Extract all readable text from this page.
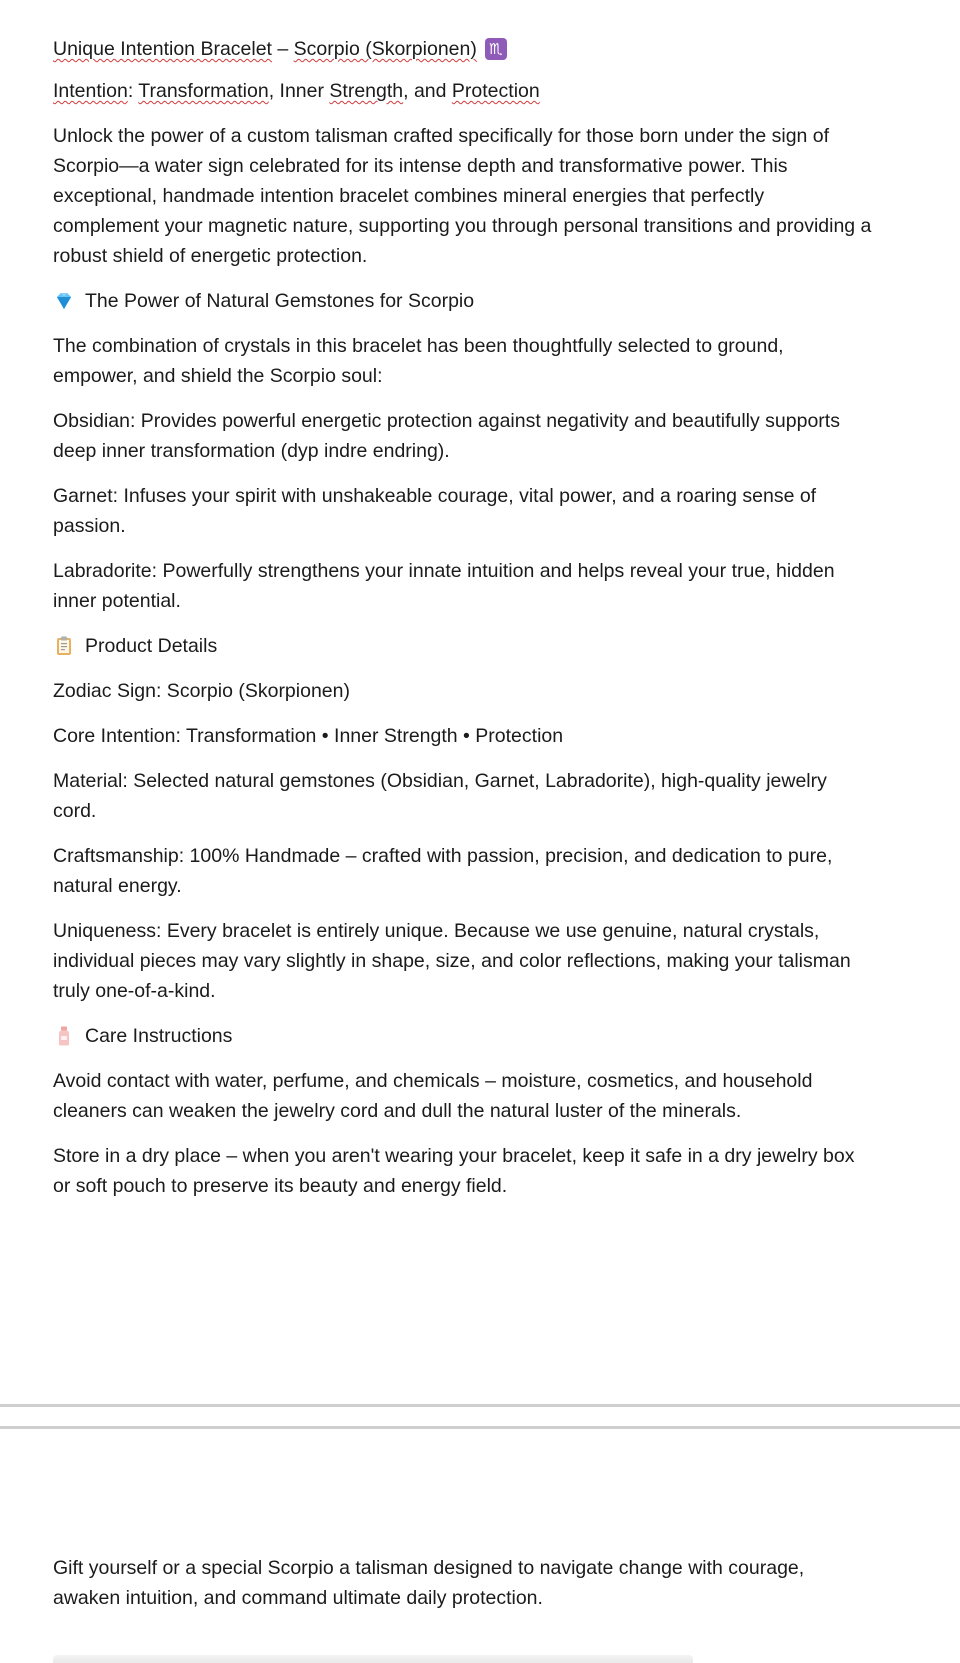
Unique Intention Bracelet – Scorpio (Skorpionen) ♏

Intention: Transformation, Inner Strength, and Protection

Unlock the power of a custom talisman crafted specifically for those born under the sign of Scorpio—a water sign celebrated for its intense depth and transformative power. This exceptional, handmade intention bracelet combines mineral energies that perfectly complement your magnetic nature, supporting you through personal transitions and providing a robust shield of energetic protection.

The Power of Natural Gemstones for Scorpio

The combination of crystals in this bracelet has been thoughtfully selected to ground, empower, and shield the Scorpio soul:

Obsidian: Provides powerful energetic protection against negativity and beautifully supports deep inner transformation (dyp indre endring).

Garnet: Infuses your spirit with unshakeable courage, vital power, and a roaring sense of passion.

Labradorite: Powerfully strengthens your innate intuition and helps reveal your true, hidden inner potential.

Product Details

Zodiac Sign: Scorpio (Skorpionen)

Core Intention: Transformation • Inner Strength • Protection

Material: Selected natural gemstones (Obsidian, Garnet, Labradorite), high-quality jewelry cord.

Craftsmanship: 100% Handmade – crafted with passion, precision, and dedication to pure, natural energy.

Uniqueness: Every bracelet is entirely unique. Because we use genuine, natural crystals, individual pieces may vary slightly in shape, size, and color reflections, making your talisman truly one-of-a-kind.

Care Instructions

Avoid contact with water, perfume, and chemicals – moisture, cosmetics, and household cleaners can weaken the jewelry cord and dull the natural luster of the minerals.

Store in a dry place – when you aren't wearing your bracelet, keep it safe in a dry jewelry box or soft pouch to preserve its beauty and energy field.

Gift yourself or a special Scorpio a talisman designed to navigate change with courage, awaken intuition, and command ultimate daily protection.
